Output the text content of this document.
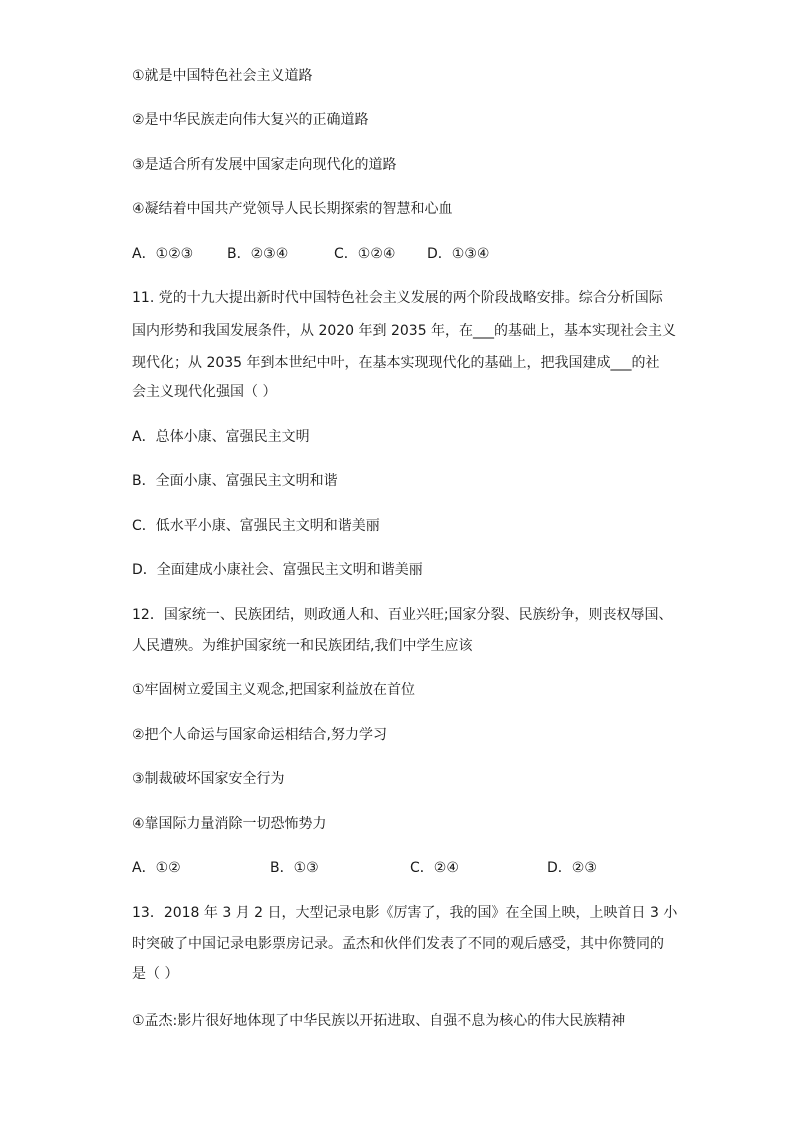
①就是中国特色社会主义道路
②是中华民族走向伟大复兴的正确道路
③是适合所有发展中国家走向现代化的道路
④凝结着中国共产党领导人民长期探索的智慧和心血
A．①②③ B．②③④	C．①②④ D．①③④
11. 党的十九大提出新时代中国特色社会主义发展的两个阶段战略安排。综合分析国际
国内形势和我国发展条件，从 2020 年到 2035 年，在___的基础上，基本实现社会主义
现代化；从 2035 年到本世纪中叶，在基本实现现代化的基础上，把我国建成___的社
会主义现代化强国（ ）
A．总体小康、富强民主文明
B．全面小康、富强民主文明和谐
C．低水平小康、富强民主文明和谐美丽
D．全面建成小康社会、富强民主文明和谐美丽
12．国家统一、民族团结，则政通人和、百业兴旺;国家分裂、民族纷争，则丧权辱国、
人民遭殃。为维护国家统一和民族团结,我们中学生应该
①牢固树立爱国主义观念,把国家利益放在首位
②把个人命运与国家命运相结合,努力学习
③制裁破坏国家安全行为
④靠国际力量消除一切恐怖势力
A．①②	B．①③	C．②④	D．②③
13．2018 年 3 月 2 日，大型记录电影《厉害了，我的国》在全国上映，上映首日 3 小
时突破了中国记录电影票房记录。孟杰和伙伴们发表了不同的观后感受，其中你赞同的
是（ ）
①孟杰:影片很好地体现了中华民族以开拓进取、自强不息为核心的伟大民族精神
